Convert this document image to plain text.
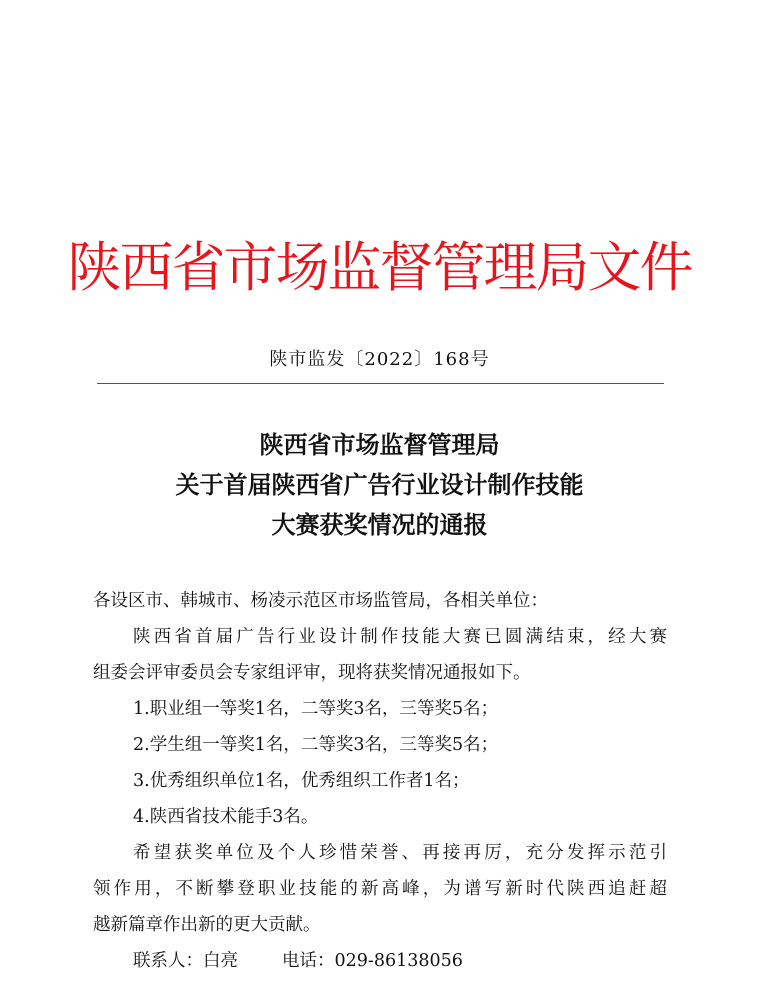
陕西省市场监督管理局文件
陕市监发〔2022〕168号
陕西省市场监督管理局
关于首届陕西省广告行业设计制作技能
大赛获奖情况的通报
各设区市、韩城市、杨凌示范区市场监管局，各相关单位：
陕西省首届广告行业设计制作技能大赛已圆满结束，经大赛
组委会评审委员会专家组评审，现将获奖情况通报如下。
1.职业组一等奖1名，二等奖3名，三等奖5名；
2.学生组一等奖1名，二等奖3名，三等奖5名；
3.优秀组织单位1名，优秀组织工作者1名；
4.陕西省技术能手3名。
希望获奖单位及个人珍惜荣誉、再接再厉，充分发挥示范引
领作用，不断攀登职业技能的新高峰，为谱写新时代陕西追赶超
越新篇章作出新的更大贡献。
联系人：白亮	电话：029-86138056
